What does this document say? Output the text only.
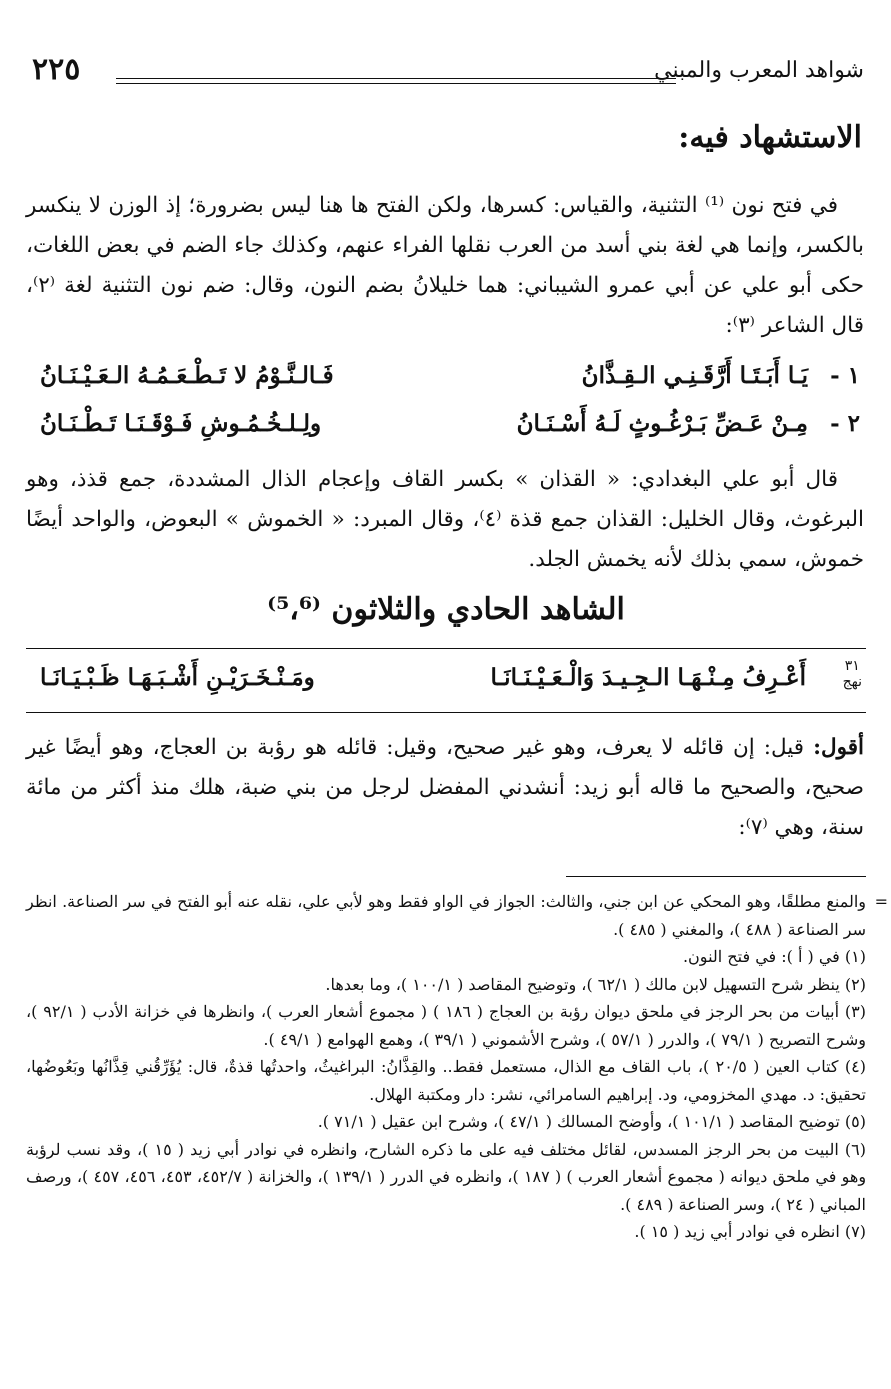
شواهد المعرب والمبني
٢٢٥
الاستشهاد فيه:
في فتح نون ⁽¹⁾ التثنية، والقياس: كسرها، ولكن الفتح ها هنا ليس بضرورة؛ إذ الوزن لا ينكسر بالكسر، وإنما هي لغة بني أسد من العرب نقلها الفراء عنهم، وكذلك جاء الضم في بعض اللغات، حكى أبو علي عن أبي عمرو الشيباني: هما خليلانُ بضم النون، وقال: ضم نون التثنية لغة ⁽٢⁾، قال الشاعر ⁽٣⁾:
١ -
يَـا أَبَـتَـا أَرَّقَـنِـي الـقِـذَّانُ
فَـالـنَّـوْمُ لا تَـطْـعَـمُـهُ الـعَـيْـنَـانُ
٢ -
مِـنْ عَـضِّ بَـرْغُـوثٍ لَـهُ أَسْـنَـانُ
ولِـلـخُـمُـوشِ فَـوْقَـنَـا تَـطْـنَـانُ
قال أبو علي البغدادي: « القذان » بكسر القاف وإعجام الذال المشددة، جمع قذذ، وهو البرغوث، وقال الخليل: القذان جمع قذة ⁽٤⁾، وقال المبرد: « الخموش » البعوض، والواحد أيضًا خموش، سمي بذلك لأنه يخمش الجلد.
الشاهد الحادي والثلاثون ⁽⁵،⁶⁾
٣١
نهج
أَعْـرِفُ مِـنْـهَـا الـجِـيـدَ وَالْـعَـيْـنَـانَـا
ومَـنْـخَـرَيْـنِ أَشْـبَـهَـا ظَـبْـيَـانَـا
أقول: قيل: إن قائله لا يعرف، وهو غير صحيح، وقيل: قائله هو رؤبة بن العجاج، وهو أيضًا غير صحيح، والصحيح ما قاله أبو زيد: أنشدني المفضل لرجل من بني ضبة، هلك منذ أكثر من مائة سنة، وهي ⁽٧⁾:
=
والمنع مطلقًا، وهو المحكي عن ابن جني، والثالث: الجواز في الواو فقط وهو لأبي علي، نقله عنه أبو الفتح في سر الصناعة. انظر سر الصناعة ( ٤٨٨ )، والمغني ( ٤٨٥ ).
(١) في ( أ ): في فتح النون.
(٢) ينظر شرح التسهيل لابن مالك ( ٦٢/١ )، وتوضيح المقاصد ( ١٠٠/١ )، وما بعدها.
(٣) أبيات من بحر الرجز في ملحق ديوان رؤبة بن العجاج ( ١٨٦ ) ( مجموع أشعار العرب )، وانظرها في خزانة الأدب ( ٩٢/١ )، وشرح التصريح ( ٧٩/١ )، والدرر ( ٥٧/١ )، وشرح الأشموني ( ٣٩/١ )، وهمع الهوامع ( ٤٩/١ ).
(٤) كتاب العين ( ٢٠/٥ )، باب القاف مع الذال، مستعمل فقط.. والقِذَّانُ: البراغيثُ، واحدتُها قذةٌ، قال: يُؤَرِّقُني قِذَّانُها وبَعُوضُها، تحقيق: د. مهدي المخزومي، ود. إبراهيم السامرائي، نشر: دار ومكتبة الهلال.
(٥) توضيح المقاصد ( ١٠١/١ )، وأوضح المسالك ( ٤٧/١ )، وشرح ابن عقيل ( ٧١/١ ).
(٦) البيت من بحر الرجز المسدس، لقائل مختلف فيه على ما ذكره الشارح، وانظره في نوادر أبي زيد ( ١٥ )، وقد نسب لرؤبة وهو في ملحق ديوانه ( مجموع أشعار العرب ) ( ١٨٧ )، وانظره في الدرر ( ١٣٩/١ )، والخزانة ( ٤٥٢/٧، ٤٥٣، ٤٥٦، ٤٥٧ )، ورصف المباني ( ٢٤ )، وسر الصناعة ( ٤٨٩ ).
(٧) انظره في نوادر أبي زيد ( ١٥ ).
